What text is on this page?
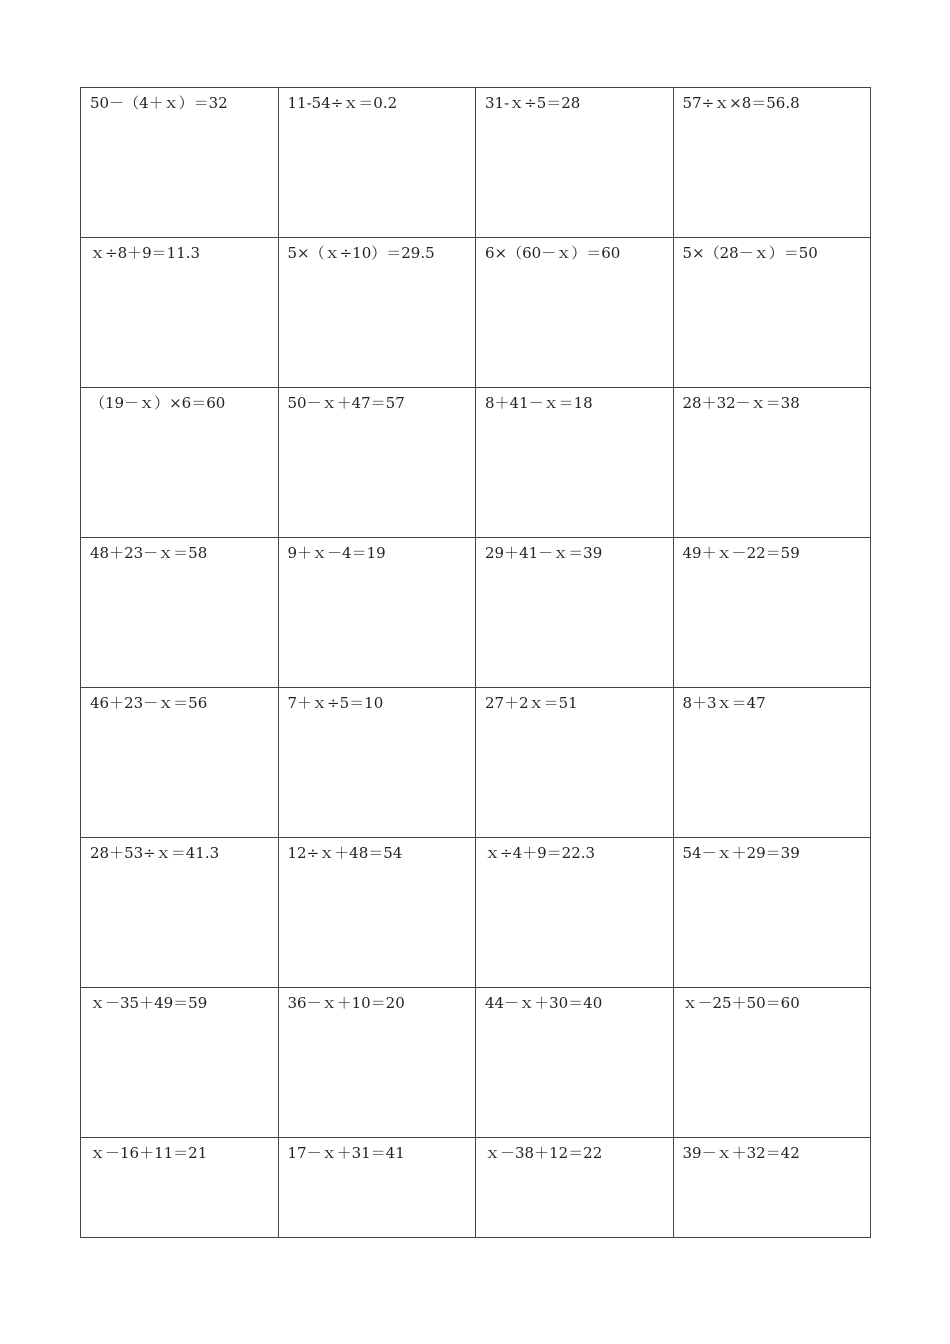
50－（4＋ｘ）＝32	11-54÷ｘ＝0.2	31-ｘ÷5＝28	57÷ｘ×8＝56.8
ｘ÷8＋9＝11.3	5×（ｘ÷10）＝29.5	6×（60－ｘ）＝60	5×（28－ｘ）＝50
（19－ｘ）×6＝60	50－ｘ＋47＝57	8＋41－ｘ＝18	28＋32－ｘ＝38
48＋23－ｘ＝58	9＋ｘ－4＝19	29＋41－ｘ＝39	49＋ｘ－22＝59
46＋23－ｘ＝56	7＋ｘ÷5＝10	27＋2ｘ＝51	8＋3ｘ＝47
28＋53÷ｘ＝41.3	12÷ｘ＋48＝54	ｘ÷4＋9＝22.3	54－ｘ＋29＝39
ｘ－35＋49＝59	36－ｘ＋10＝20	44－ｘ＋30＝40	ｘ－25＋50＝60
ｘ－16＋11＝21	17－ｘ＋31＝41	ｘ－38＋12＝22	39－ｘ＋32＝42
